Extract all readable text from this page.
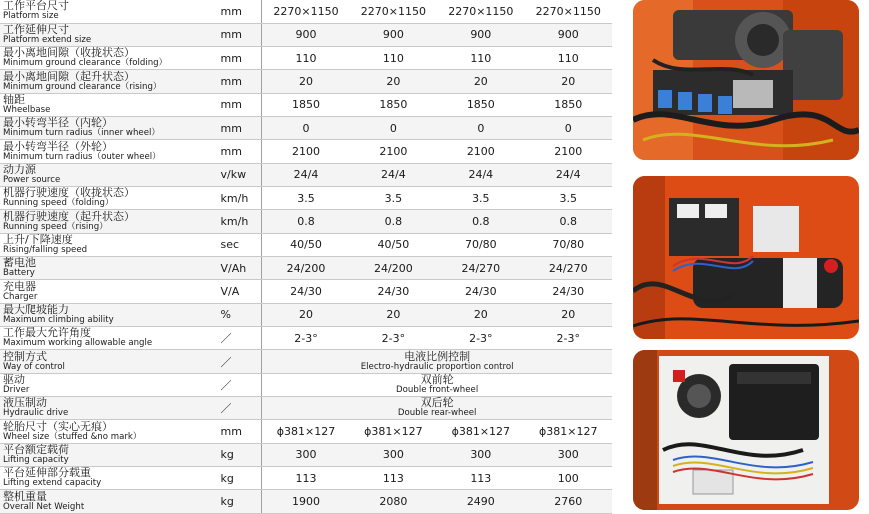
工作平台尺寸
Platform size	mm	2270×1150	2270×1150	2270×1150	2270×1150

工作延伸尺寸
Platform extend size	mm	900	900	900	900

最小离地间隙（收拢状态）
Minimum ground clearance（folding）	mm	110	110	110	110

最小离地间隙（起升状态）
Minimum ground clearance（rising）	mm	20	20	20	20

轴距
Wheelbase	mm	1850	1850	1850	1850

最小转弯半径（内轮）
Minimum turn radius（inner wheel）	mm	0	0	0	0

最小转弯半径（外轮）
Minimum turn radius（outer wheel）	mm	2100	2100	2100	2100

动力源
Power source	v/kw	24/4	24/4	24/4	24/4

机器行驶速度（收拢状态）
Running speed（folding）	km/h	3.5	3.5	3.5	3.5

机器行驶速度（起升状态）
Running speed（rising）	km/h	0.8	0.8	0.8	0.8

上升/下降速度
Rising/falling speed	sec	40/50	40/50	70/80	70/80

蓄电池
Battery	V/Ah	24/200	24/200	24/270	24/270

充电器
Charger	V/A	24/30	24/30	24/30	24/30

最大爬坡能力
Maximum climbing ability	%	20	20	20	20

工作最大允许角度
Maximum working allowable angle	／	2-3°	2-3°	2-3°	2-3°

控制方式
Way of control	／	电液比例控制
Electro-hydraulic proportion control			

驱动
Driver	／	双前轮
Double front-wheel			

液压制动
Hydraulic drive	／	双后轮
Double rear-wheel			

轮胎尺寸（实心无痕）
Wheel size（stuffed &no mark）	mm	ϕ381×127	ϕ381×127	ϕ381×127	ϕ381×127

平台额定载荷
Lifting capacity	kg	300	300	300	300

平台延伸部分载重
Lifting extend capacity	kg	113	113	113	100

整机重量
Overall Net Weight	kg	1900	2080	2490	2760
